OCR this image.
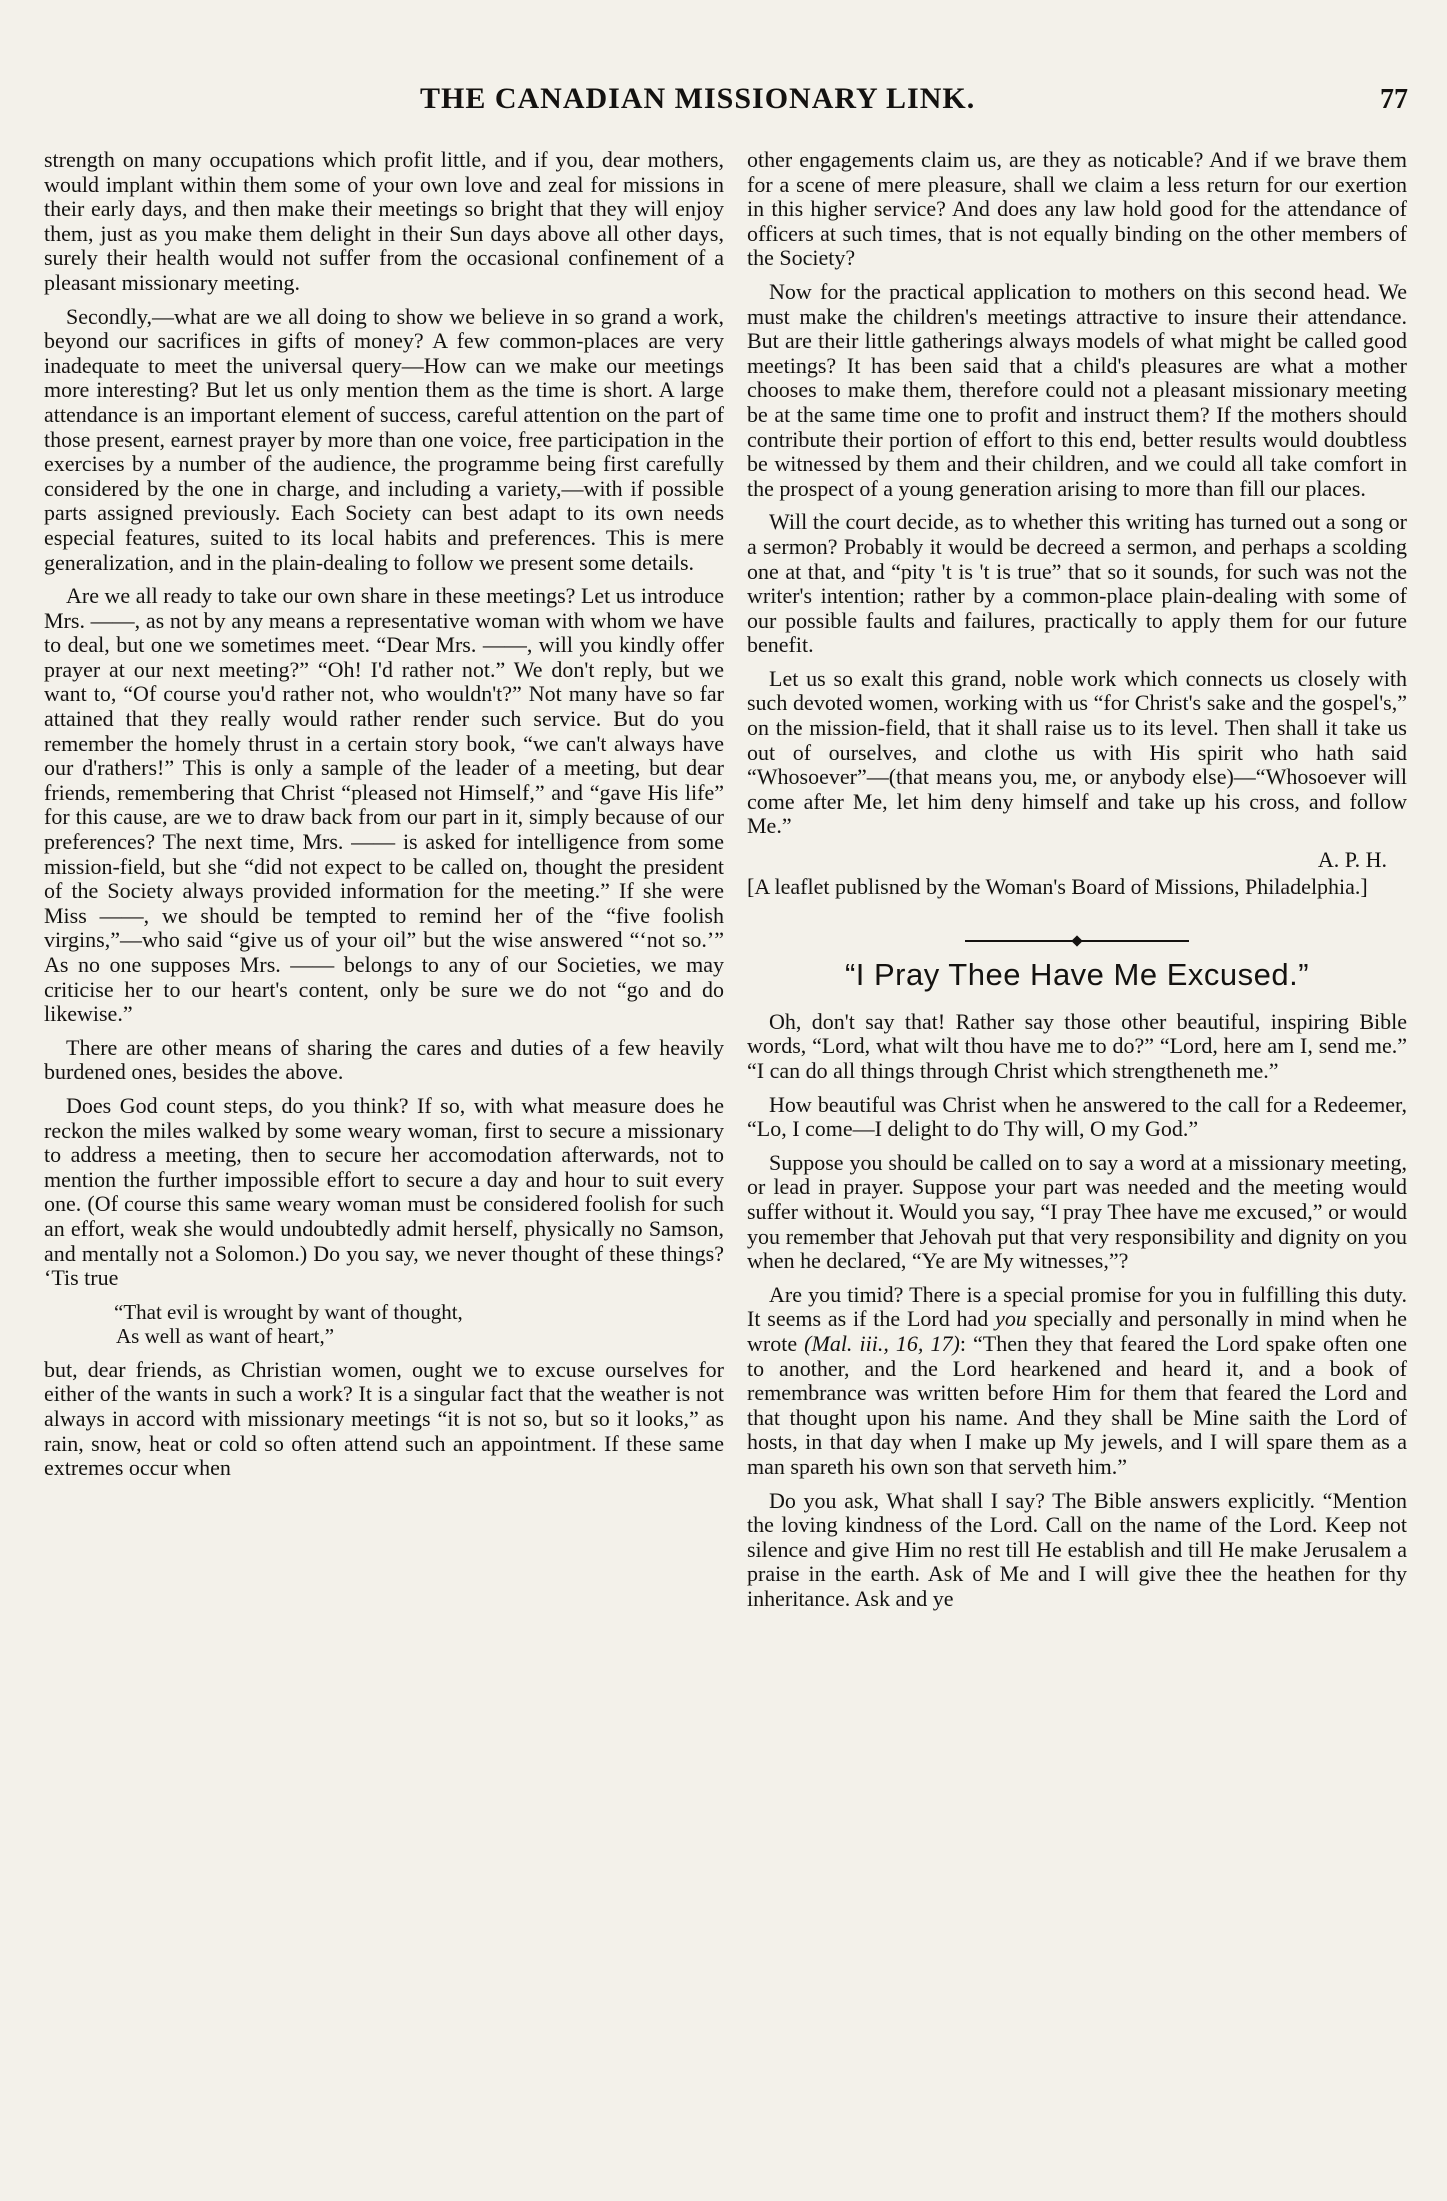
THE CANADIAN MISSIONARY LINK.	77

strength on many occupations which profit little, and if you, dear mothers, would implant within them some of your own love and zeal for missions in their early days, and then make their meetings so bright that they will enjoy them, just as you make them delight in their Sun days above all other days, surely their health would not suffer from the occasional confinement of a pleasant missionary meeting.

Secondly,—what are we all doing to show we believe in so grand a work, beyond our sacrifices in gifts of money? A few common-places are very inadequate to meet the universal query—How can we make our meetings more interesting? But let us only mention them as the time is short. A large attendance is an important element of success, careful attention on the part of those present, earnest prayer by more than one voice, free participation in the exercises by a number of the audience, the programme being first carefully considered by the one in charge, and including a variety,—with if possible parts assigned previously. Each Society can best adapt to its own needs especial features, suited to its local habits and preferences. This is mere generalization, and in the plain-dealing to follow we present some details.

Are we all ready to take our own share in these meetings? Let us introduce Mrs. ——, as not by any means a representative woman with whom we have to deal, but one we sometimes meet. “Dear Mrs. ——, will you kindly offer prayer at our next meeting?” “Oh! I'd rather not.” We don't reply, but we want to, “Of course you'd rather not, who wouldn't?” Not many have so far attained that they really would rather render such service. But do you remember the homely thrust in a certain story book, “we can't always have our d'rathers!” This is only a sample of the leader of a meeting, but dear friends, remembering that Christ “pleased not Himself,” and “gave His life” for this cause, are we to draw back from our part in it, simply because of our preferences? The next time, Mrs. —— is asked for intelligence from some mission-field, but she “did not expect to be called on, thought the president of the Society always provided information for the meeting.” If she were Miss ——, we should be tempted to remind her of the “five foolish virgins,”—who said “give us of your oil” but the wise answered “‘not so.’” As no one supposes Mrs. —— belongs to any of our Societies, we may criticise her to our heart's content, only be sure we do not “go and do likewise.”

There are other means of sharing the cares and duties of a few heavily burdened ones, besides the above.

Does God count steps, do you think? If so, with what measure does he reckon the miles walked by some weary woman, first to secure a missionary to address a meeting, then to secure her accomodation afterwards, not to mention the further impossible effort to secure a day and hour to suit every one. (Of course this same weary woman must be considered foolish for such an effort, weak she would undoubtedly admit herself, physically no Samson, and mentally not a Solomon.) Do you say, we never thought of these things? ‘Tis true

“That evil is wrought by want of thought,
As well as want of heart,”

but, dear friends, as Christian women, ought we to excuse ourselves for either of the wants in such a work? It is a singular fact that the weather is not always in accord with missionary meetings “it is not so, but so it looks,” as rain, snow, heat or cold so often attend such an appointment. If these same extremes occur when

other engagements claim us, are they as noticable? And if we brave them for a scene of mere pleasure, shall we claim a less return for our exertion in this higher service? And does any law hold good for the attendance of officers at such times, that is not equally binding on the other members of the Society?

Now for the practical application to mothers on this second head. We must make the children's meetings attractive to insure their attendance. But are their little gatherings always models of what might be called good meetings? It has been said that a child's pleasures are what a mother chooses to make them, therefore could not a pleasant missionary meeting be at the same time one to profit and instruct them? If the mothers should contribute their portion of effort to this end, better results would doubtless be witnessed by them and their children, and we could all take comfort in the prospect of a young generation arising to more than fill our places.

Will the court decide, as to whether this writing has turned out a song or a sermon? Probably it would be decreed a sermon, and perhaps a scolding one at that, and “pity 't is 't is true” that so it sounds, for such was not the writer's intention; rather by a common-place plain-dealing with some of our possible faults and failures, practically to apply them for our future benefit.

Let us so exalt this grand, noble work which connects us closely with such devoted women, working with us “for Christ's sake and the gospel's,” on the mission-field, that it shall raise us to its level. Then shall it take us out of ourselves, and clothe us with His spirit who hath said “Whosoever”—(that means you, me, or anybody else)—“Whosoever will come after Me, let him deny himself and take up his cross, and follow Me.”

A. P. H.

[A leaflet publisned by the Woman's Board of Missions, Philadelphia.]

“I Pray Thee Have Me Excused.”

Oh, don't say that! Rather say those other beautiful, inspiring Bible words, “Lord, what wilt thou have me to do?” “Lord, here am I, send me.” “I can do all things through Christ which strengtheneth me.”

How beautiful was Christ when he answered to the call for a Redeemer, “Lo, I come—I delight to do Thy will, O my God.”

Suppose you should be called on to say a word at a missionary meeting, or lead in prayer. Suppose your part was needed and the meeting would suffer without it. Would you say, “I pray Thee have me excused,” or would you remember that Jehovah put that very responsibility and dignity on you when he declared, “Ye are My witnesses,”?

Are you timid? There is a special promise for you in fulfilling this duty. It seems as if the Lord had you specially and personally in mind when he wrote (Mal. iii., 16, 17): “Then they that feared the Lord spake often one to another, and the Lord hearkened and heard it, and a book of remembrance was written before Him for them that feared the Lord and that thought upon his name. And they shall be Mine saith the Lord of hosts, in that day when I make up My jewels, and I will spare them as a man spareth his own son that serveth him.”

Do you ask, What shall I say? The Bible answers explicitly. “Mention the loving kindness of the Lord. Call on the name of the Lord. Keep not silence and give Him no rest till He establish and till He make Jerusalem a praise in the earth. Ask of Me and I will give thee the heathen for thy inheritance. Ask and ye
